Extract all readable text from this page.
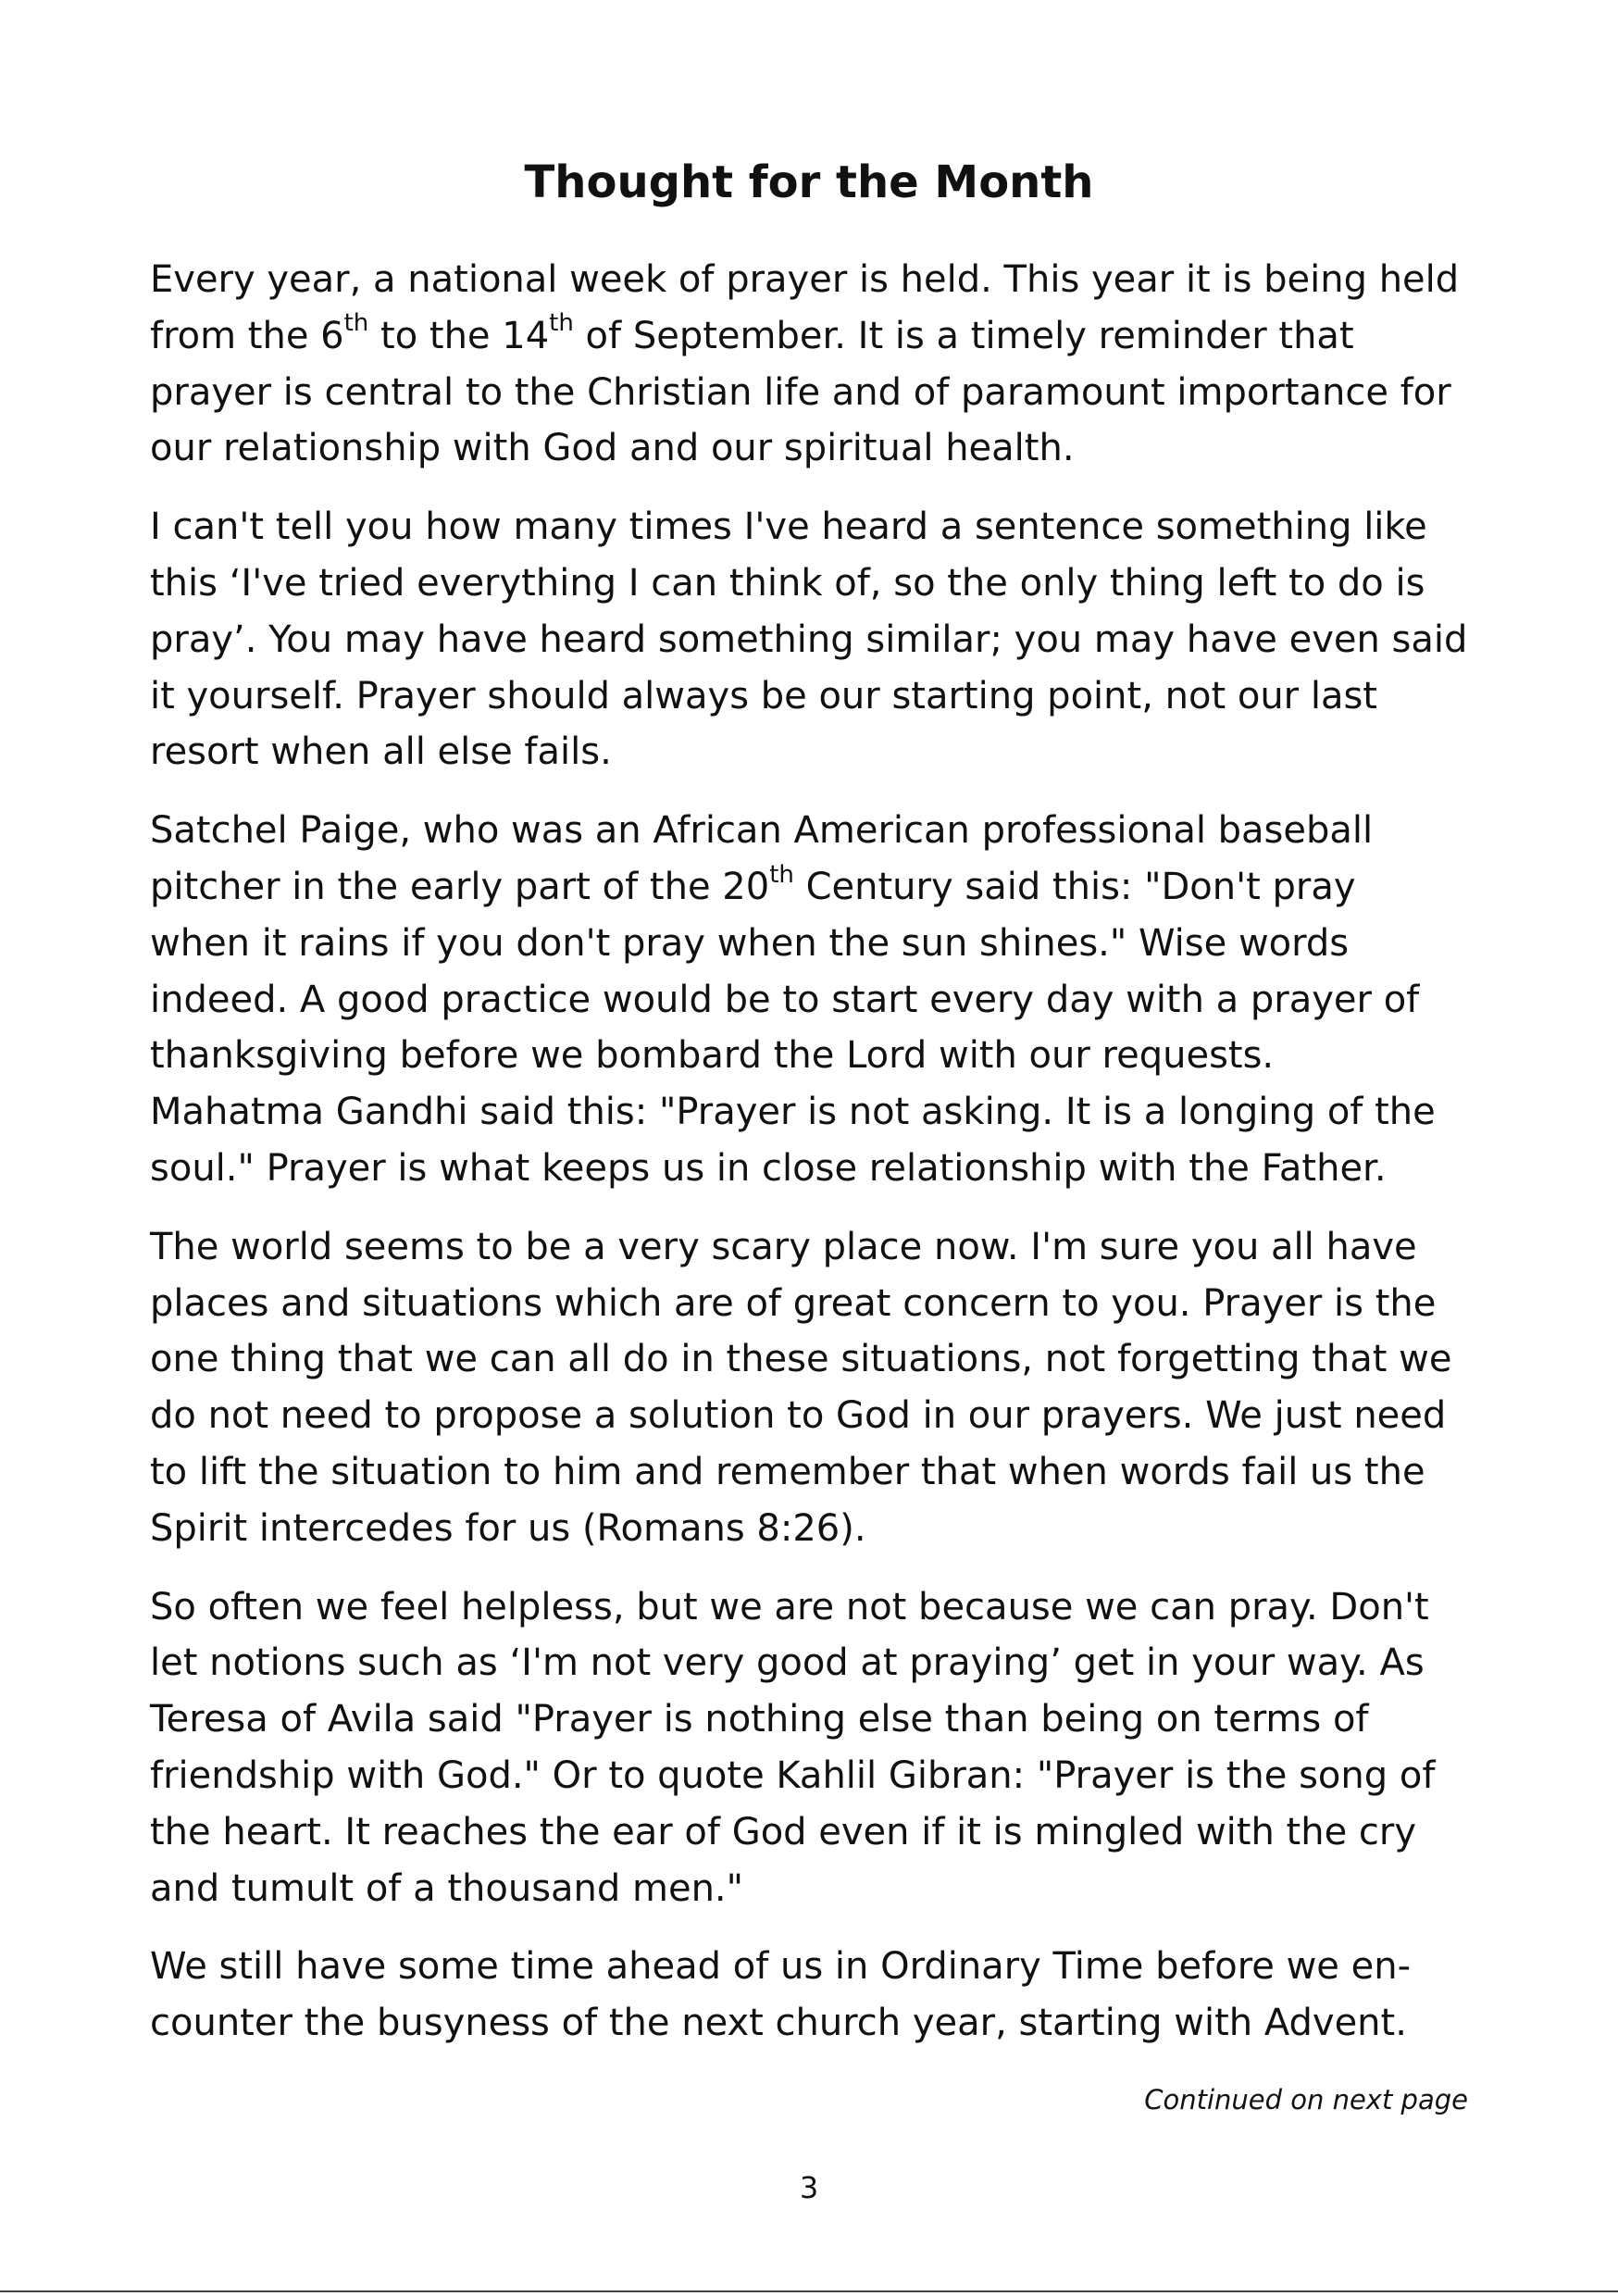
Thought for the Month

Every year, a national week of prayer is held. This year it is being held
from the 6th to the 14th of September. It is a timely reminder that
prayer is central to the Christian life and of paramount importance for
our relationship with God and our spiritual health.

I can't tell you how many times I've heard a sentence something like
this ‘I've tried everything I can think of, so the only thing left to do is
pray’. You may have heard something similar; you may have even said
it yourself. Prayer should always be our starting point, not our last
resort when all else fails.

Satchel Paige, who was an African American professional baseball
pitcher in the early part of the 20th Century said this: "Don't pray
when it rains if you don't pray when the sun shines." Wise words
indeed. A good practice would be to start every day with a prayer of
thanksgiving before we bombard the Lord with our requests.
Mahatma Gandhi said this: "Prayer is not asking. It is a longing of the
soul." Prayer is what keeps us in close relationship with the Father.

The world seems to be a very scary place now. I'm sure you all have
places and situations which are of great concern to you. Prayer is the
one thing that we can all do in these situations, not forgetting that we
do not need to propose a solution to God in our prayers. We just need
to lift the situation to him and remember that when words fail us the
Spirit intercedes for us (Romans 8:26).

So often we feel helpless, but we are not because we can pray. Don't
let notions such as ‘I'm not very good at praying’ get in your way. As
Teresa of Avila said "Prayer is nothing else than being on terms of
friendship with God." Or to quote Kahlil Gibran: "Prayer is the song of
the heart. It reaches the ear of God even if it is mingled with the cry
and tumult of a thousand men."

We still have some time ahead of us in Ordinary Time before we en-
counter the busyness of the next church year, starting with Advent.

Continued on next page
3
